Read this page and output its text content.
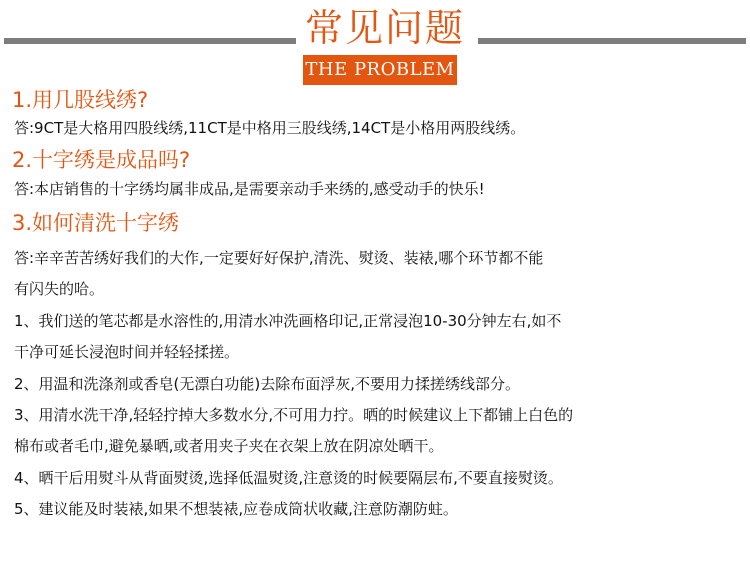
常见问题
THE PROBLEM
1.用几股线绣?
答:9CT是大格用四股线绣,11CT是中格用三股线绣,14CT是小格用两股线绣。
2.十字绣是成品吗?
答:本店销售的十字绣均属非成品,是需要亲动手来绣的,感受动手的快乐!
3.如何清洗十字绣
答:辛辛苦苦绣好我们的大作,一定要好好保护,清洗、熨烫、装裱,哪个环节都不能
有闪失的哈。
1、我们送的笔芯都是水溶性的,用清水冲洗画格印记,正常浸泡10-30分钟左右,如不
干净可延长浸泡时间并轻轻揉搓。
2、用温和洗涤剂或香皂(无漂白功能)去除布面浮灰,不要用力揉搓绣线部分。
3、用清水洗干净,轻轻拧掉大多数水分,不可用力拧。晒的时候建议上下都铺上白色的
棉布或者毛巾,避免暴晒,或者用夹子夹在衣架上放在阴凉处晒干。
4、晒干后用熨斗从背面熨烫,选择低温熨烫,注意烫的时候要隔层布,不要直接熨烫。
5、建议能及时装裱,如果不想装裱,应卷成筒状收藏,注意防潮防蛀。
